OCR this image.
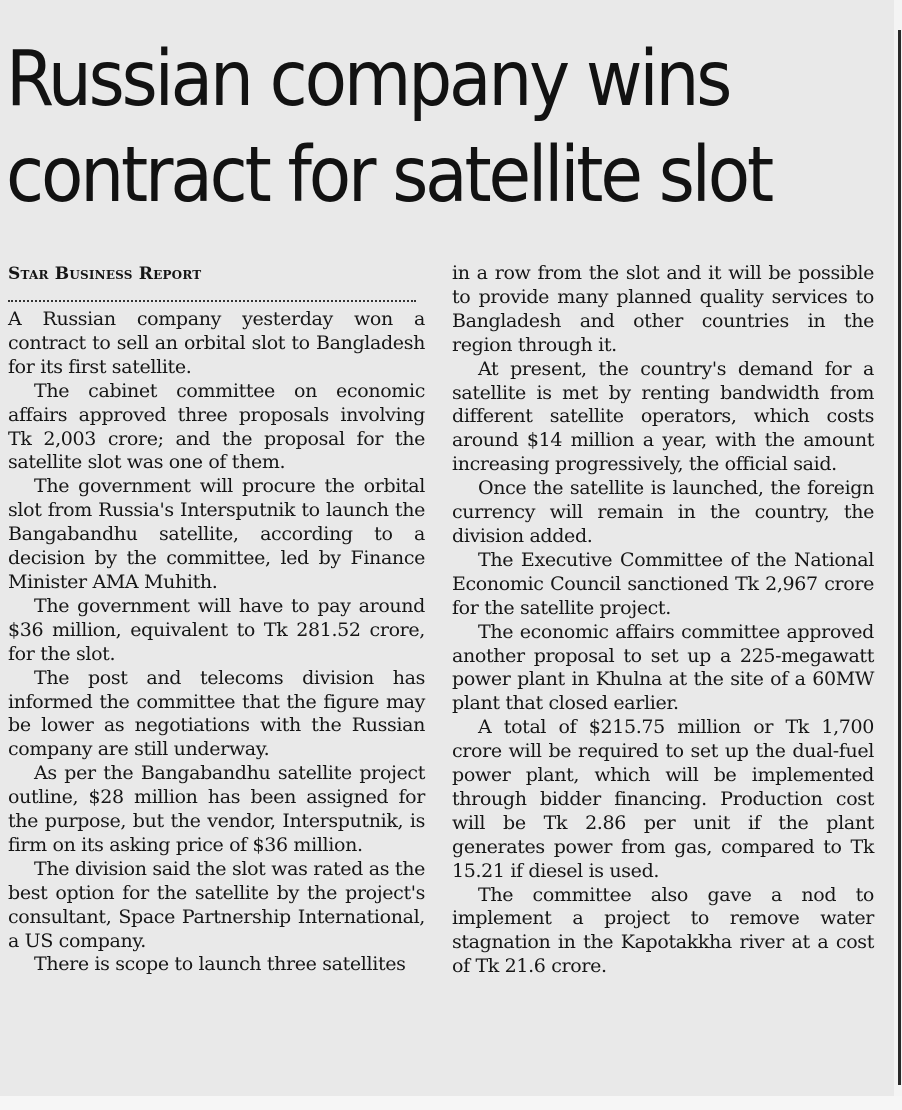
Russian company wins
contract for satellite slot
Star Business Report

A Russian company yesterday won a contract to sell an orbital slot to Bangladesh for its first satellite.

The cabinet committee on economic affairs approved three proposals involving Tk 2,003 crore; and the proposal for the satellite slot was one of them.

The government will procure the orbital slot from Russia's Intersputnik to launch the Bangabandhu satellite, according to a decision by the committee, led by Finance Minister AMA Muhith.

The government will have to pay around $36 million, equivalent to Tk 281.52 crore, for the slot.

The post and telecoms division has informed the committee that the figure may be lower as negotiations with the Russian company are still underway.

As per the Bangabandhu satellite project outline, $28 million has been assigned for the purpose, but the vendor, Intersputnik, is firm on its asking price of $36 million.

The division said the slot was rated as the best option for the satellite by the project's consultant, Space Partnership International, a US company.

There is scope to launch three satellites

in a row from the slot and it will be possible to provide many planned quality services to Bangladesh and other countries in the region through it.

At present, the country's demand for a satellite is met by renting bandwidth from different satellite operators, which costs around $14 million a year, with the amount increasing progressively, the official said.

Once the satellite is launched, the foreign currency will remain in the country, the division added.

The Executive Committee of the National Economic Council sanctioned Tk 2,967 crore for the satellite project.

The economic affairs committee approved another proposal to set up a 225-megawatt power plant in Khulna at the site of a 60MW plant that closed earlier.

A total of $215.75 million or Tk 1,700 crore will be required to set up the dual-fuel power plant, which will be implemented through bidder financing. Production cost will be Tk 2.86 per unit if the plant generates power from gas, compared to Tk 15.21 if diesel is used.

The committee also gave a nod to implement a project to remove water stagnation in the Kapotakkha river at a cost of Tk 21.6 crore.
